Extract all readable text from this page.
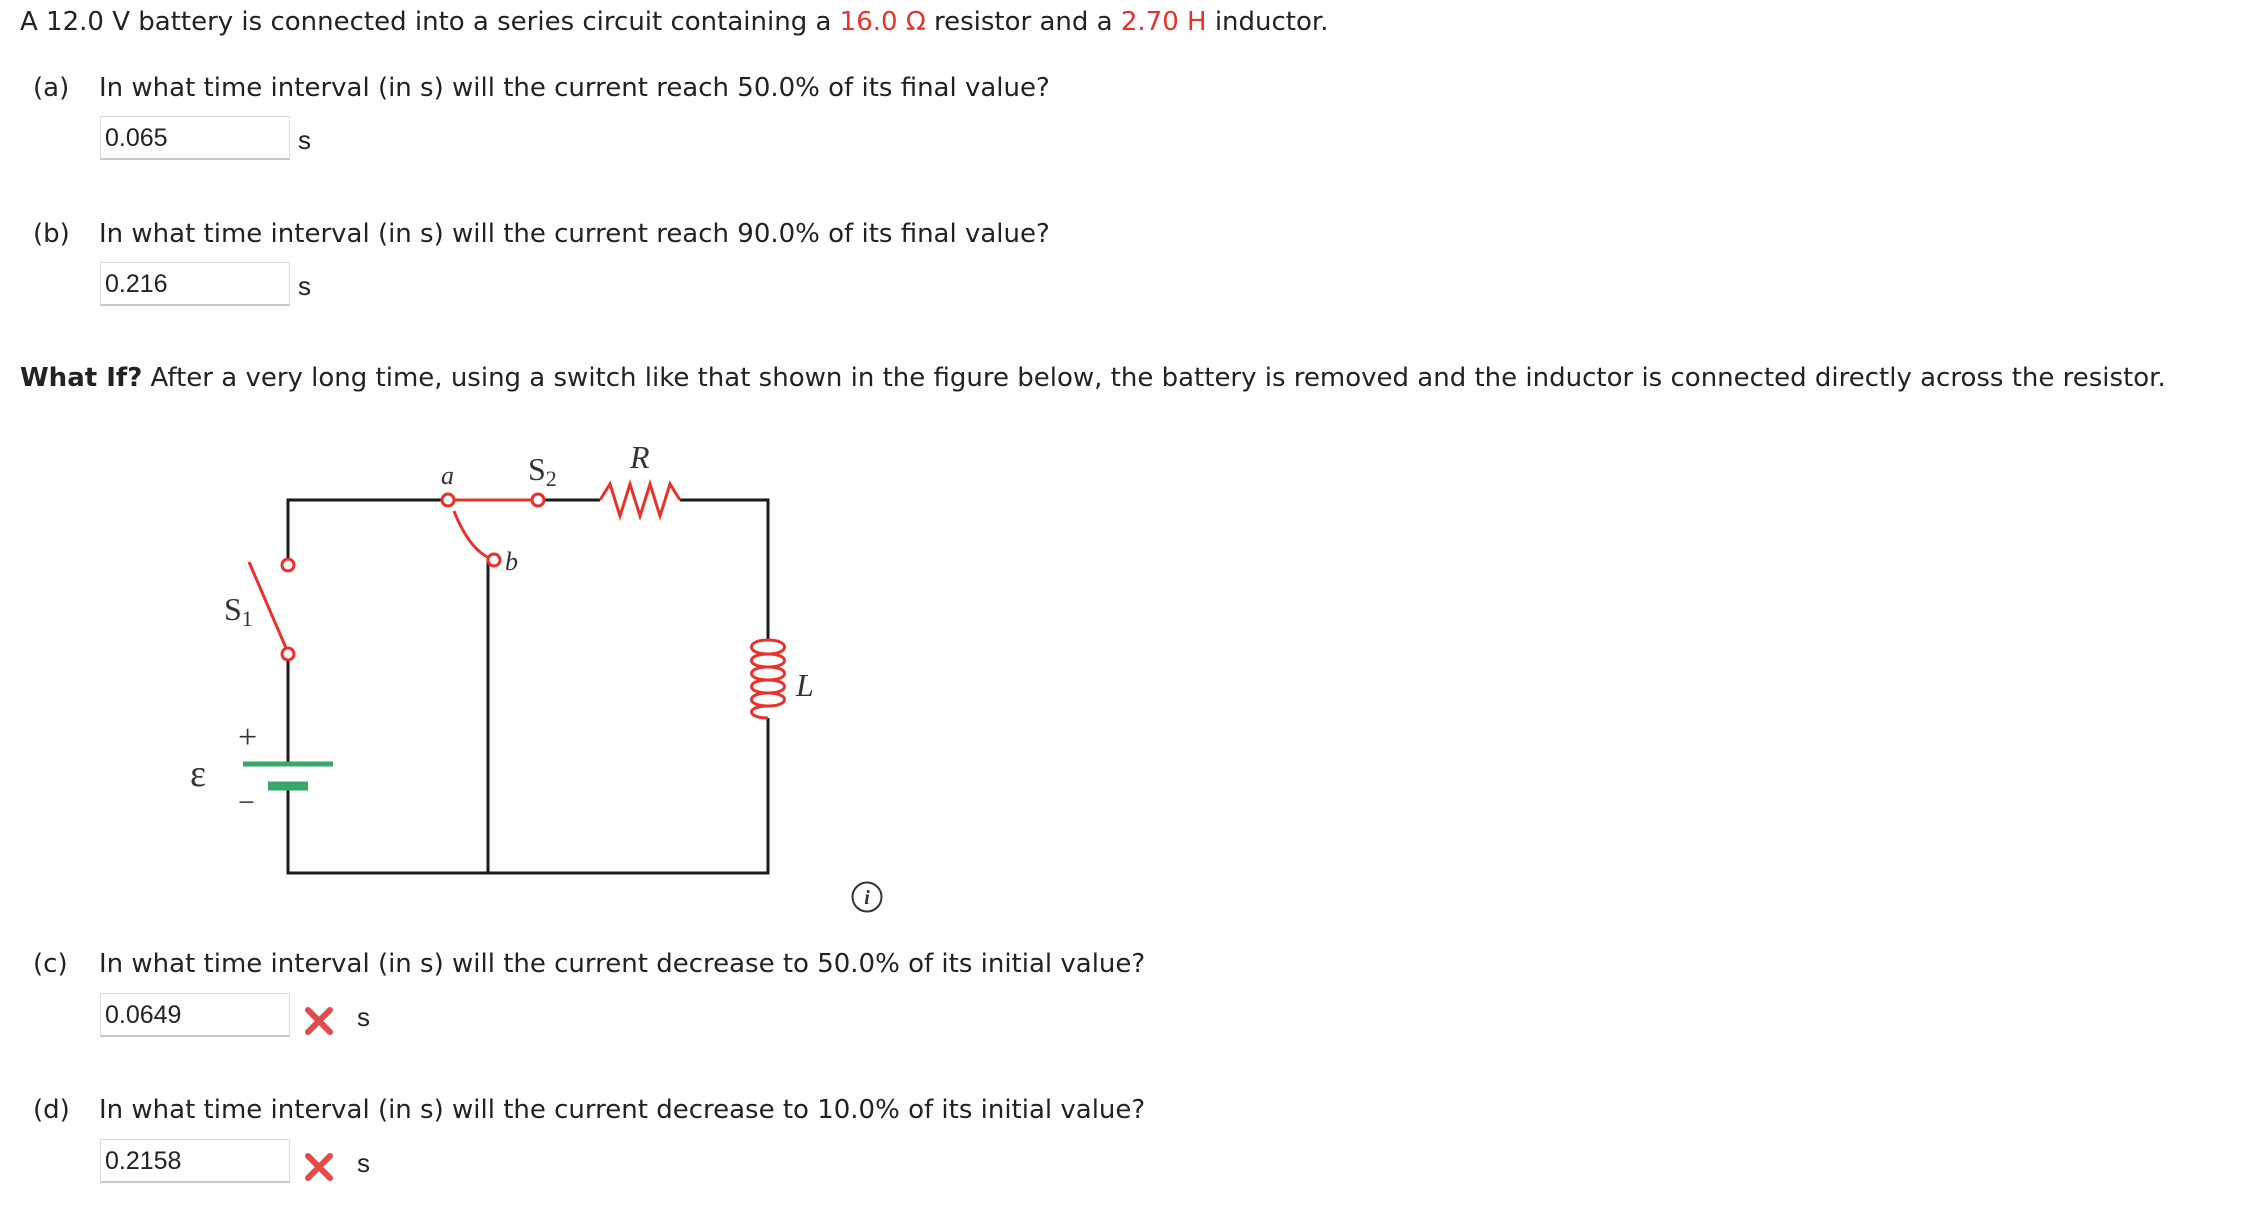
A 12.0 V battery is connected into a series circuit containing a 16.0 Ω resistor and a 2.70 H inductor.
(a) In what time interval (in s) will the current reach 50.0% of its final value?
0.065	s
(b) In what time interval (in s) will the current reach 90.0% of its final value?
0.216	s
What If? After a very long time, using a switch like that shown in the figure below, the battery is removed and the inductor is connected directly across the resistor.
a
b
S2
R
S1
ε
+
−
L
i
(c) In what time interval (in s) will the current decrease to 50.0% of its initial value?
0.0649	s
(d) In what time interval (in s) will the current decrease to 10.0% of its initial value?
0.2158	s
